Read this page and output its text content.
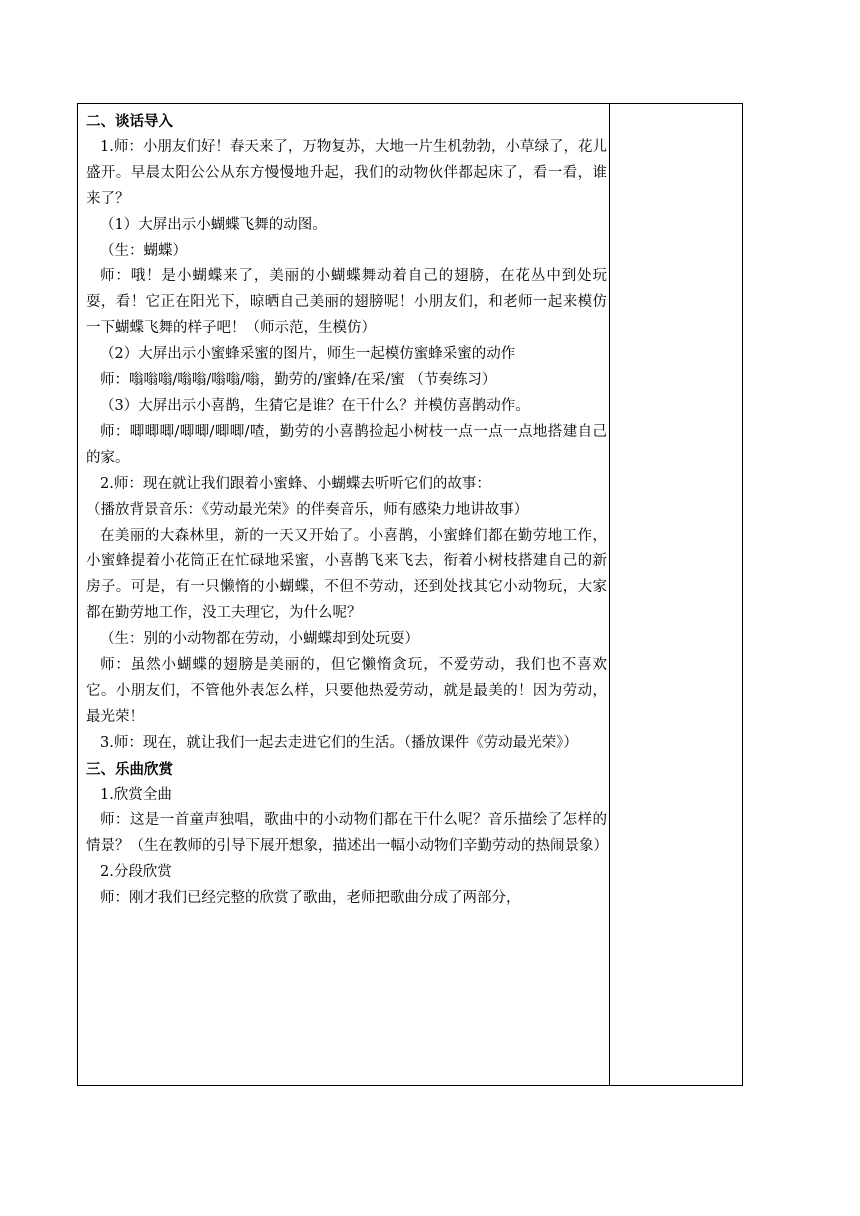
二、谈话导入

1.师：小朋友们好！春天来了，万物复苏，大地一片生机勃勃，小草绿了，花儿盛开。早晨太阳公公从东方慢慢地升起，我们的动物伙伴都起床了，看一看，谁来了？

（1）大屏出示小蝴蝶飞舞的动图。

（生：蝴蝶）

师：哦！是小蝴蝶来了，美丽的小蝴蝶舞动着自己的翅膀，在花丛中到处玩耍，看！它正在阳光下，晾晒自己美丽的翅膀呢！小朋友们，和老师一起来模仿一下蝴蝶飞舞的样子吧！（师示范，生模仿）

（2）大屏出示小蜜蜂采蜜的图片，师生一起模仿蜜蜂采蜜的动作

师：嗡嗡嗡/嗡嗡/嗡嗡/嗡，勤劳的/蜜蜂/在采/蜜 （节奏练习）

（3）大屏出示小喜鹊，生猜它是谁？在干什么？并模仿喜鹊动作。

师：唧唧唧/唧唧/唧唧/喳，勤劳的小喜鹊捡起小树枝一点一点一点地搭建自己的家。

2.师：现在就让我们跟着小蜜蜂、小蝴蝶去听听它们的故事：

（播放背景音乐：《劳动最光荣》的伴奏音乐，师有感染力地讲故事）

在美丽的大森林里，新的一天又开始了。小喜鹊，小蜜蜂们都在勤劳地工作，小蜜蜂提着小花筒正在忙碌地采蜜，小喜鹊飞来飞去，衔着小树枝搭建自己的新房子。可是，有一只懒惰的小蝴蝶，不但不劳动，还到处找其它小动物玩，大家都在勤劳地工作，没工夫理它，为什么呢？

（生：别的小动物都在劳动，小蝴蝶却到处玩耍）

师：虽然小蝴蝶的翅膀是美丽的，但它懒惰贪玩，不爱劳动，我们也不喜欢它。小朋友们，不管他外表怎么样，只要他热爱劳动，就是最美的！因为劳动，最光荣！

3.师：现在，就让我们一起去走进它们的生活。（播放课件《劳动最光荣》）

三、乐曲欣赏

1.欣赏全曲

师：这是一首童声独唱，歌曲中的小动物们都在干什么呢？音乐描绘了怎样的情景？（生在教师的引导下展开想象，描述出一幅小动物们辛勤劳动的热闹景象）

2.分段欣赏

师：刚才我们已经完整的欣赏了歌曲，老师把歌曲分成了两部分，
